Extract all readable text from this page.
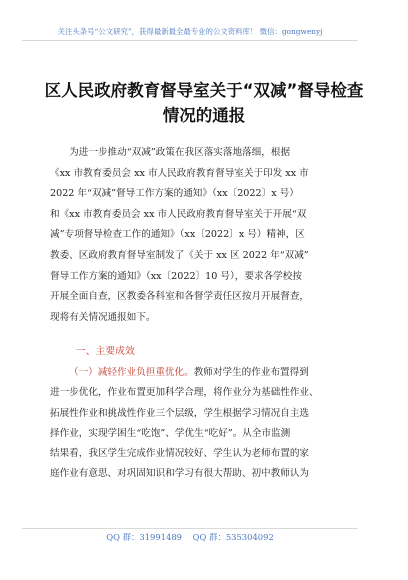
关注头条号“公文研究”，获得最新最全最专业的公文资料库！ 微信：gongwenyj
区人民政府教育督导室关于“双减”督导检查
情况的通报
　　为进一步推动“双减”政策在我区落实落地落细，根据
《xx 市教育委员会 xx 市人民政府教育督导室关于印发 xx 市
2022 年“双减”督导工作方案的通知》（xx〔2022〕x 号）
和《xx 市教育委员会 xx 市人民政府教育督导室关于开展“双
减”专项督导检查工作的通知》（xx〔2022〕x 号）精神，区
教委、区政府教育督导室制发了《关于 xx 区 2022 年“双减”
督导工作方案的通知》（xx〔2022〕10 号），要求各学校按
开展全面自查，区教委各科室和各督学责任区按月开展督查，
现将有关情况通报如下。
一、主要成效
（一）减轻作业负担重优化。教师对学生的作业布置得到
进一步优化，作业布置更加科学合理，将作业分为基础性作业、
拓展性作业和挑战性作业三个层级，学生根据学习情况自主选
择作业，实现学困生“吃饱”、学优生“吃好”。从全市监测
结果看，我区学生完成作业情况较好、学生认为老师布置的家
庭作业有意思、对巩固知识和学习有很大帮助、初中教师认为
QQ 群：31991489 QQ 群：535304092
